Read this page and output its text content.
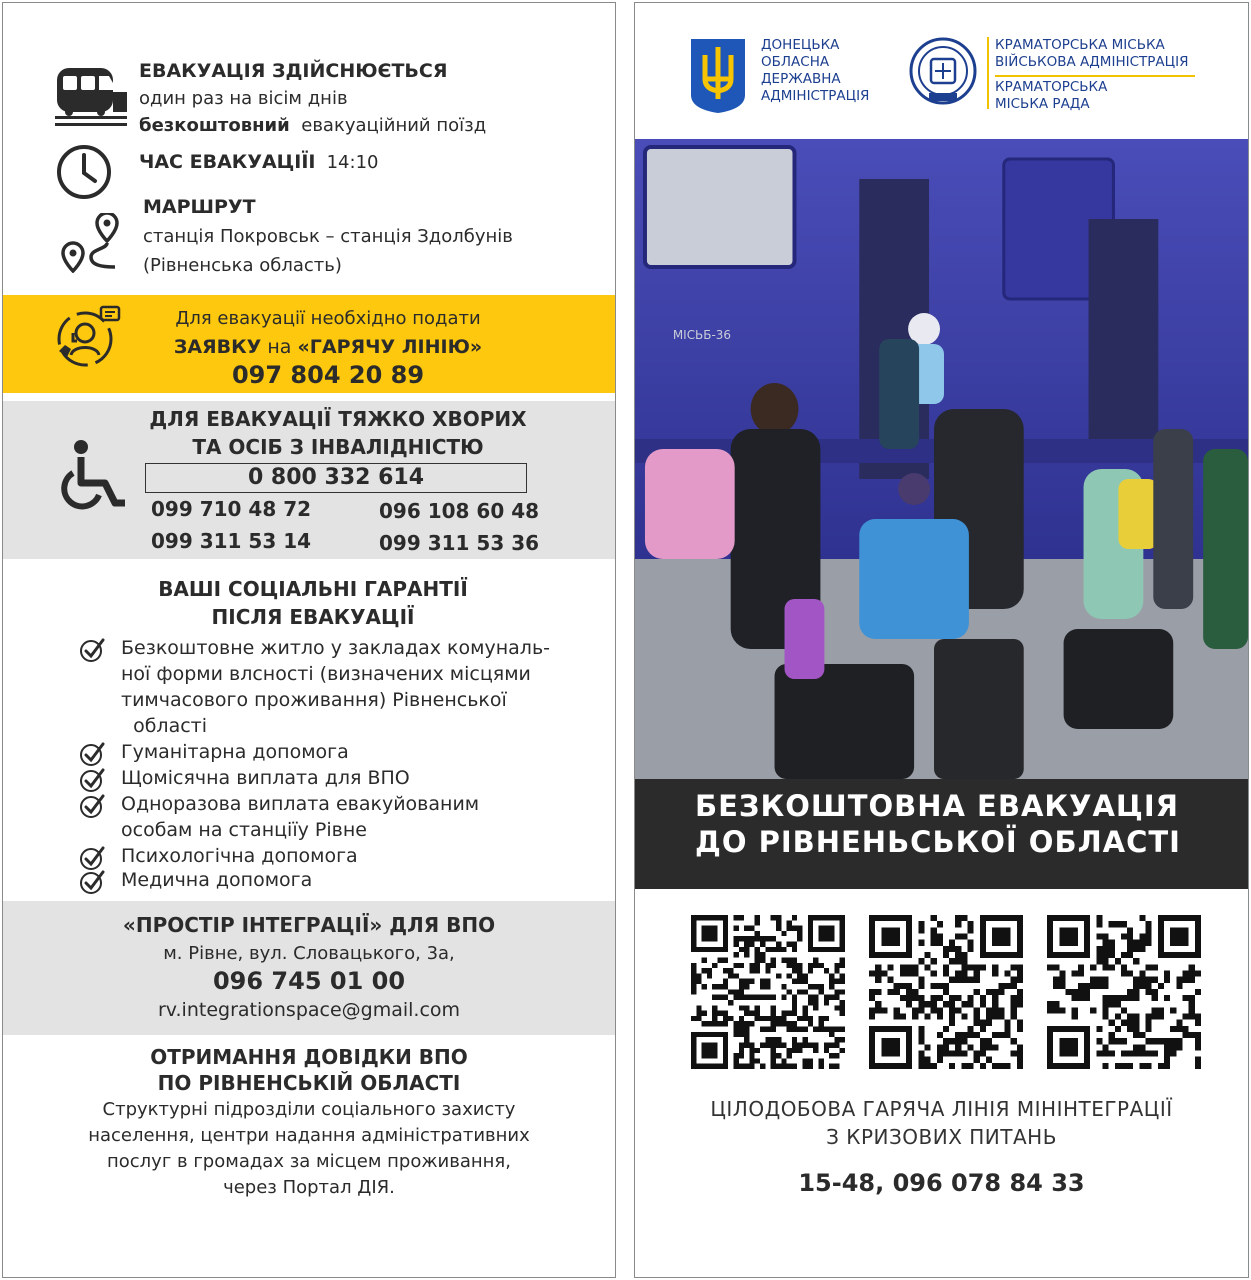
ЕВАКУАЦІЯ ЗДІЙСНЮЄТЬСЯ
один раз на вісім днів
безкоштовний евакуаційний поїзд
ЧАС ЕВАКУАЦІЇІ 14:10
МАРШРУТ
станція Покровськ – станція Здолбунів
(Рівненська область)
Для евакуації необхідно подати
ЗАЯВКУ на «ГАРЯЧУ ЛІНІЮ»
097 804 20 89
ДЛЯ ЕВАКУАЦІЇ ТЯЖКО ХВОРИХ
ТА ОСІБ З ІНВАЛІДНІСТЮ
0 800 332 614
099 710 48 72	096 108 60 48
099 311 53 14	099 311 53 36
ВАШІ СОЦІАЛЬНІ ГАРАНТІЇ
ПІСЛЯ ЕВАКУАЦІЇ
Безкоштовне житло у закладах комуналь-
ної форми влсності (визначених місцями
тимчасового проживання) Рівненської
області
Гуманітарна допомога
Щомісячна виплата для ВПО
Одноразова виплата евакуйованим
особам на станціїу Рівне
Психологічна допомога
Медична допомога
«ПРОСТІР ІНТЕГРАЦІЇ» ДЛЯ ВПО
м. Рівне, вул. Словацького, 3а,
096 745 01 00
rv.integrationspace@gmail.com
ОТРИМАННЯ ДОВІДКИ ВПО
ПО РІВНЕНСЬКІЙ ОБЛАСТІ
Структурні підрозділи соціального захисту
населення, центри надання адміністративних
послуг в громадах за місцем проживання,
через Портал ДІЯ.
ДОНЕЦЬКА
ОБЛАСНА
ДЕРЖАВНА
АДМІНІСТРАЦІЯ
КРАМАТОРСЬКА МІСЬКА
ВІЙСЬКОВА АДМІНІСТРАЦІЯ
КРАМАТОРСЬКА
МІСЬКА РАДА
МІСЬБ-36
БЕЗКОШТОВНА ЕВАКУАЦІЯ
ДО РІВНЕНЬСЬКОЇ ОБЛАСТІ
ЦІЛОДОБОВА ГАРЯЧА ЛІНІЯ МІНІНТЕГРАЦІЇ
З КРИЗОВИХ ПИТАНЬ
15-48, 096 078 84 33
